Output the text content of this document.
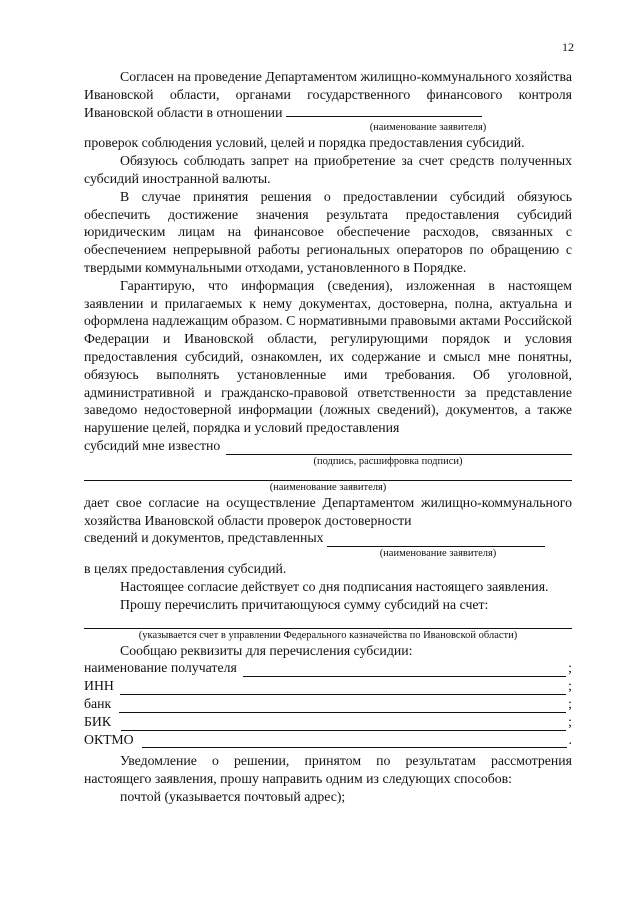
12

Согласен на проведение Департаментом жилищно-коммунального хозяйства Ивановской области, органами государственного финансового контроля Ивановской области в отношении

(наименование заявителя)

проверок соблюдения условий, целей и порядка предоставления субсидий.

Обязуюсь соблюдать запрет на приобретение за счет средств полученных субсидий иностранной валюты.

В случае принятия решения о предоставлении субсидий обязуюсь обеспечить достижение значения результата предоставления субсидий юридическим лицам на финансовое обеспечение расходов, связанных с обеспечением непрерывной работы региональных операторов по обращению с твердыми коммунальными отходами, установленного в Порядке.

Гарантирую, что информация (сведения), изложенная в настоящем заявлении и прилагаемых к нему документах, достоверна, полна, актуальна и оформлена надлежащим образом. С нормативными правовыми актами Российской Федерации и Ивановской области, регулирующими порядок и условия предоставления субсидий, ознакомлен, их содержание и смысл мне понятны, обязуюсь выполнять установленные ими требования. Об уголовной, административной и гражданско-правовой ответственности за представление заведомо недостоверной информации (ложных сведений), документов, а также нарушение целей, порядка и условий предоставления

субсидий мне известно
(подпись, расшифровка подписи)
(наименование заявителя)

дает свое согласие на осуществление Департаментом жилищно-коммунального хозяйства Ивановской области проверок достоверности

сведений и документов, представленных
(наименование заявителя)

в целях предоставления субсидий.

Настоящее согласие действует со дня подписания настоящего заявления.

Прошу перечислить причитающуюся сумму субсидий на счет:

(указывается счет в управлении Федерального казначейства по Ивановской области)

Сообщаю реквизиты для перечисления субсидии:

наименование получателя	;
ИНН	;
банк	;
БИК	;
ОКТМО	.

Уведомление о решении, принятом по результатам рассмотрения настоящего заявления, прошу направить одним из следующих способов:

почтой (указывается почтовый адрес);
